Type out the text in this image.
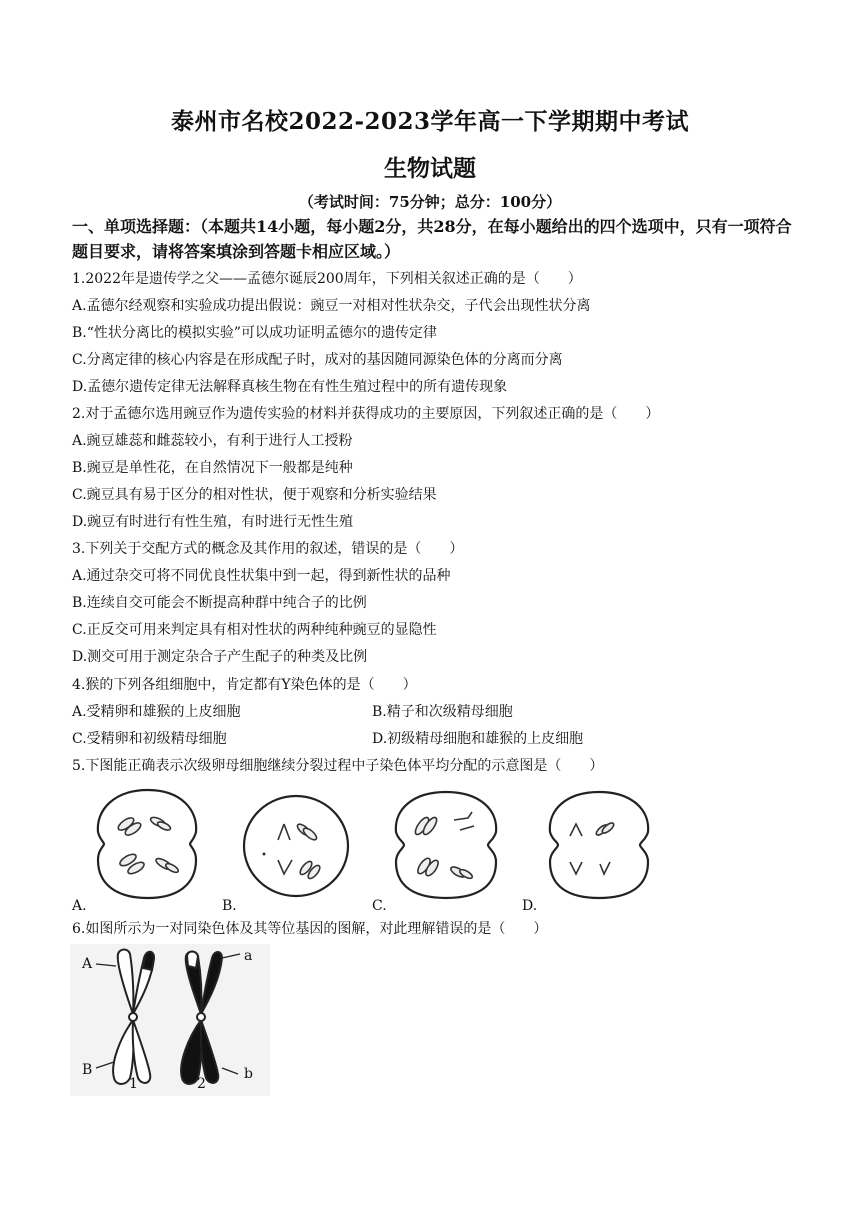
泰州市名校2022-2023学年高一下学期期中考试
生物试题
（考试时间：75分钟；总分：100分）
一、单项选择题：（本题共14小题，每小题2分，共28分，在每小题给出的四个选项中，只有一项符合题目要求，请将答案填涂到答题卡相应区域。）
1.2022年是遗传学之父——孟德尔诞辰200周年，下列相关叙述正确的是（　　）
A.孟德尔经观察和实验成功提出假说：豌豆一对相对性状杂交，子代会出现性状分离
B.“性状分离比的模拟实验”可以成功证明孟德尔的遗传定律
C.分离定律的核心内容是在形成配子时，成对的基因随同源染色体的分离而分离
D.孟德尔遗传定律无法解释真核生物在有性生殖过程中的所有遗传现象
2.对于孟德尔选用豌豆作为遗传实验的材料并获得成功的主要原因，下列叙述正确的是（　　）
A.豌豆雄蕊和雌蕊较小，有利于进行人工授粉
B.豌豆是单性花，在自然情况下一般都是纯种
C.豌豆具有易于区分的相对性状，便于观察和分析实验结果
D.豌豆有时进行有性生殖，有时进行无性生殖
3.下列关于交配方式的概念及其作用的叙述，错误的是（　　）
A.通过杂交可将不同优良性状集中到一起，得到新性状的品种
B.连续自交可能会不断提高种群中纯合子的比例
C.正反交可用来判定具有相对性状的两种纯种豌豆的显隐性
D.测交可用于测定杂合子产生配子的种类及比例
4.猴的下列各组细胞中，肯定都有Y染色体的是（　　）
A.受精卵和雄猴的上皮细胞	B.精子和次级精母细胞
C.受精卵和初级精母细胞	D.初级精母细胞和雄猴的上皮细胞
5.下图能正确表示次级卵母细胞继续分裂过程中子染色体平均分配的示意图是（　　）
A.	B.	C.	D.
6.如图所示为一对同染色体及其等位基因的图解，对此理解错误的是（　　）
A
B
a
b
1	2
